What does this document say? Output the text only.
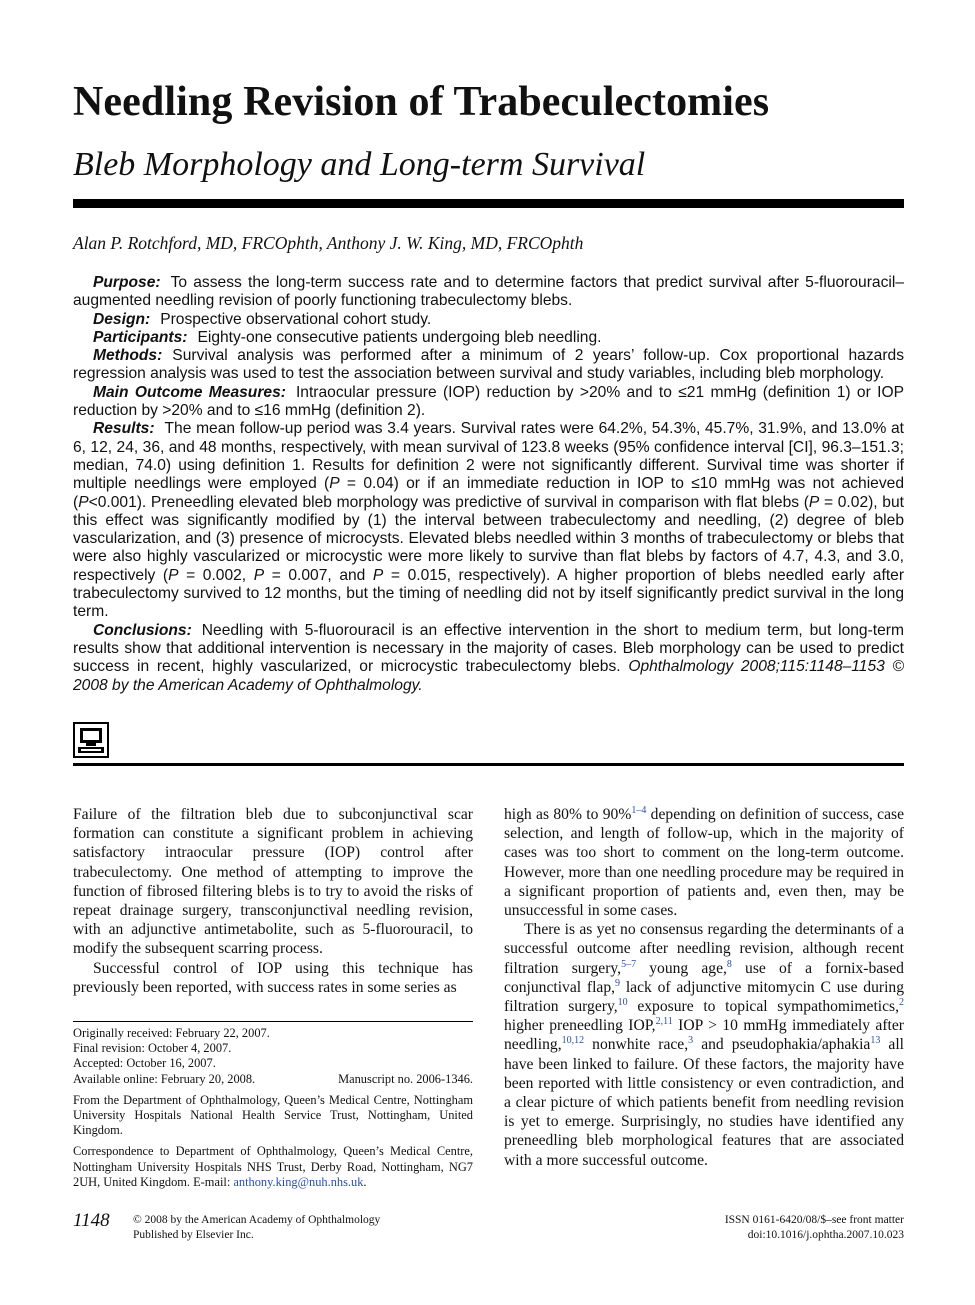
Needling Revision of Trabeculectomies
Bleb Morphology and Long-term Survival
Alan P. Rotchford, MD, FRCOphth, Anthony J. W. King, MD, FRCOphth

Purpose: To assess the long-term success rate and to determine factors that predict survival after 5-fluorouracil–augmented needling revision of poorly functioning trabeculectomy blebs.

Design: Prospective observational cohort study.

Participants: Eighty-one consecutive patients undergoing bleb needling.

Methods: Survival analysis was performed after a minimum of 2 years’ follow-up. Cox proportional hazards regression analysis was used to test the association between survival and study variables, including bleb morphology.

Main Outcome Measures: Intraocular pressure (IOP) reduction by >20% and to ≤21 mmHg (definition 1) or IOP reduction by >20% and to ≤16 mmHg (definition 2).

Results: The mean follow-up period was 3.4 years. Survival rates were 64.2%, 54.3%, 45.7%, 31.9%, and 13.0% at 6, 12, 24, 36, and 48 months, respectively, with mean survival of 123.8 weeks (95% confidence interval [CI], 96.3–151.3; median, 74.0) using definition 1. Results for definition 2 were not significantly different. Survival time was shorter if multiple needlings were employed (P = 0.04) or if an immediate reduction in IOP to ≤10 mmHg was not achieved (P<0.001). Preneedling elevated bleb morphology was predictive of survival in comparison with flat blebs (P = 0.02), but this effect was significantly modified by (1) the interval between trabeculectomy and needling, (2) degree of bleb vascularization, and (3) presence of microcysts. Elevated blebs needled within 3 months of trabeculectomy or blebs that were also highly vascularized or microcystic were more likely to survive than flat blebs by factors of 4.7, 4.3, and 3.0, respectively (P = 0.002, P = 0.007, and P = 0.015, respectively). A higher proportion of blebs needled early after trabeculectomy survived to 12 months, but the timing of needling did not by itself significantly predict survival in the long term.

Conclusions: Needling with 5-fluorouracil is an effective intervention in the short to medium term, but long-term results show that additional intervention is necessary in the majority of cases. Bleb morphology can be used to predict success in recent, highly vascularized, or microcystic trabeculectomy blebs. Ophthalmology 2008;115:1148–1153 © 2008 by the American Academy of Ophthalmology.

Failure of the filtration bleb due to subconjunctival scar formation can constitute a significant problem in achieving satisfactory intraocular pressure (IOP) control after trabeculectomy. One method of attempting to improve the function of fibrosed filtering blebs is to try to avoid the risks of repeat drainage surgery, transconjunctival needling revision, with an adjunctive antimetabolite, such as 5-fluorouracil, to modify the subsequent scarring process.

Successful control of IOP using this technique has previously been reported, with success rates in some series as

high as 80% to 90%$^{1-4}$ depending on definition of success, case selection, and length of follow-up, which in the majority of cases was too short to comment on the long-term outcome. However, more than one needling procedure may be required in a significant proportion of patients and, even then, may be unsuccessful in some cases.

There is as yet no consensus regarding the determinants of a successful outcome after needling revision, although recent filtration surgery,$^{5-7}$ young age,$^8$ use of a fornix-based conjunctival flap,$^9$ lack of adjunctive mitomycin C use during filtration surgery,$^{10}$ exposure to topical sympathomimetics,$^2$ higher preneedling IOP,$^{2,11}$ IOP > 10 mmHg immediately after needling,$^{10,12}$ nonwhite race,$^3$ and pseudophakia/aphakia$^{13}$ all have been linked to failure. Of these factors, the majority have been reported with little consistency or even contradiction, and a clear picture of which patients benefit from needling revision is yet to emerge. Surprisingly, no studies have identified any preneedling bleb morphological features that are associated with a more successful outcome.

Originally received: February 22, 2007.
Final revision: October 4, 2007.
Accepted: October 16, 2007.
Available online: February 20, 2008.	Manuscript no. 2006-1346.
From the Department of Ophthalmology, Queen’s Medical Centre, Nottingham University Hospitals National Health Service Trust, Nottingham, United Kingdom.
Correspondence to Department of Ophthalmology, Queen’s Medical Centre, Nottingham University Hospitals NHS Trust, Derby Road, Nottingham, NG7 2UH, United Kingdom. E-mail: anthony.king@nuh.nhs.uk.
1148 © 2008 by the American Academy of Ophthalmology
Published by Elsevier Inc.
ISSN 0161-6420/08/$–see front matter
doi:10.1016/j.ophtha.2007.10.023
